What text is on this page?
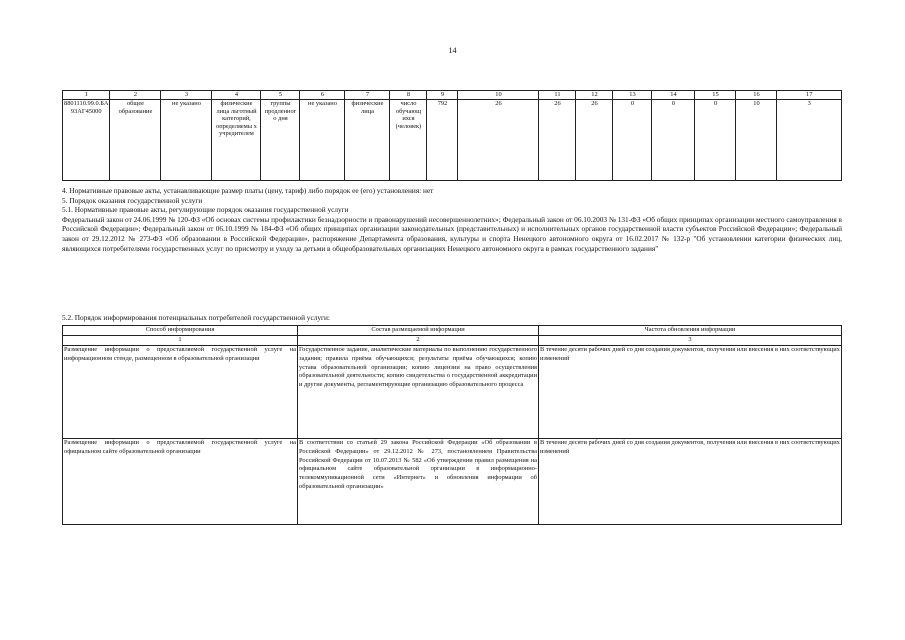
14
1	2	3	4	5	6	7	8	9	10	11	12	13	14	15	16	17
8801110.99.0.БА 93АГ45000	общее образование	не указано	физические лица льготный категорий, определяемы х учредителем	группы продленног о дня	не указано	физические лица	число обучающ ихся (человек)	792	26	26	26	0	0	0	10	3

4. Нормативные правовые акты, устанавливающие размер платы (цену, тариф) либо порядок ее (его) установления: нет

5. Порядок оказания государственной услуги

5.1. Нормативные правовые акты, регулирующие порядок оказания государственной услуги

Федеральный закон от 24.06.1999 № 120-ФЗ «Об основах системы профилактики безнадзорности и правонарушений несовершеннолетних»; Федеральный закон от 06.10.2003 № 131-ФЗ «Об общих принципах организации местного самоуправления в Российской Федерации»; Федеральный закон от 06.10.1999 № 184-ФЗ «Об общих принципах организации законодательных (представительных) и исполнительных органов государственной власти субъектов Российской Федерации»; Федеральный закон от 29.12.2012 № 273-ФЗ «Об образовании в Российской Федерации», распоряжение Департамента образования, культуры и спорта Ненецкого автономного округа от 16.02.2017 № 132-р "Об установлении категории физических лиц, являющихся потребителями государственных услуг по присмотру и уходу за детьми в общеобразовательных организациях Ненецкого автономного округа в рамках государственного задания"

5.2. Порядок информирования потенциальных потребителей государственной услуги:
Способ информирования	Состав размещаемой информации	Частота обновления информации
1	2	3
Размещение информации о предоставляемой государственной услуге на информационном стенде, размещенном в образовательной организации	Государственное задание, аналитические материалы по выполнению государственного задания; правила приёма обучающихся; результаты приёма обучающихся; копию устава образовательной организации; копию лицензии на право осуществления образовательной деятельности; копию свидетельства о государственной аккредитации и другие документы, регламентирующие организацию образовательного процесса	В течение десяти рабочих дней со дня создания документов, получения или внесения в них соответствующих изменений
Размещение информации о предоставляемой государственной услуге на официальном сайте образовательной организации	В соответствии со статьей 29 закона Российской Федерации «Об образовании в Российской Федерации» от 29.12.2012 № 273, постановлением Правительства Российской Федерации от 10.07.2013 № 582 «Об утверждении правил размещения на официальном сайте образовательной организации в информационно-телекоммуникационной сети «Интернет» и обновления информации об образовательной организации»	В течение десяти рабочих дней со дня создания документов, получения или внесения в них соответствующих изменений
